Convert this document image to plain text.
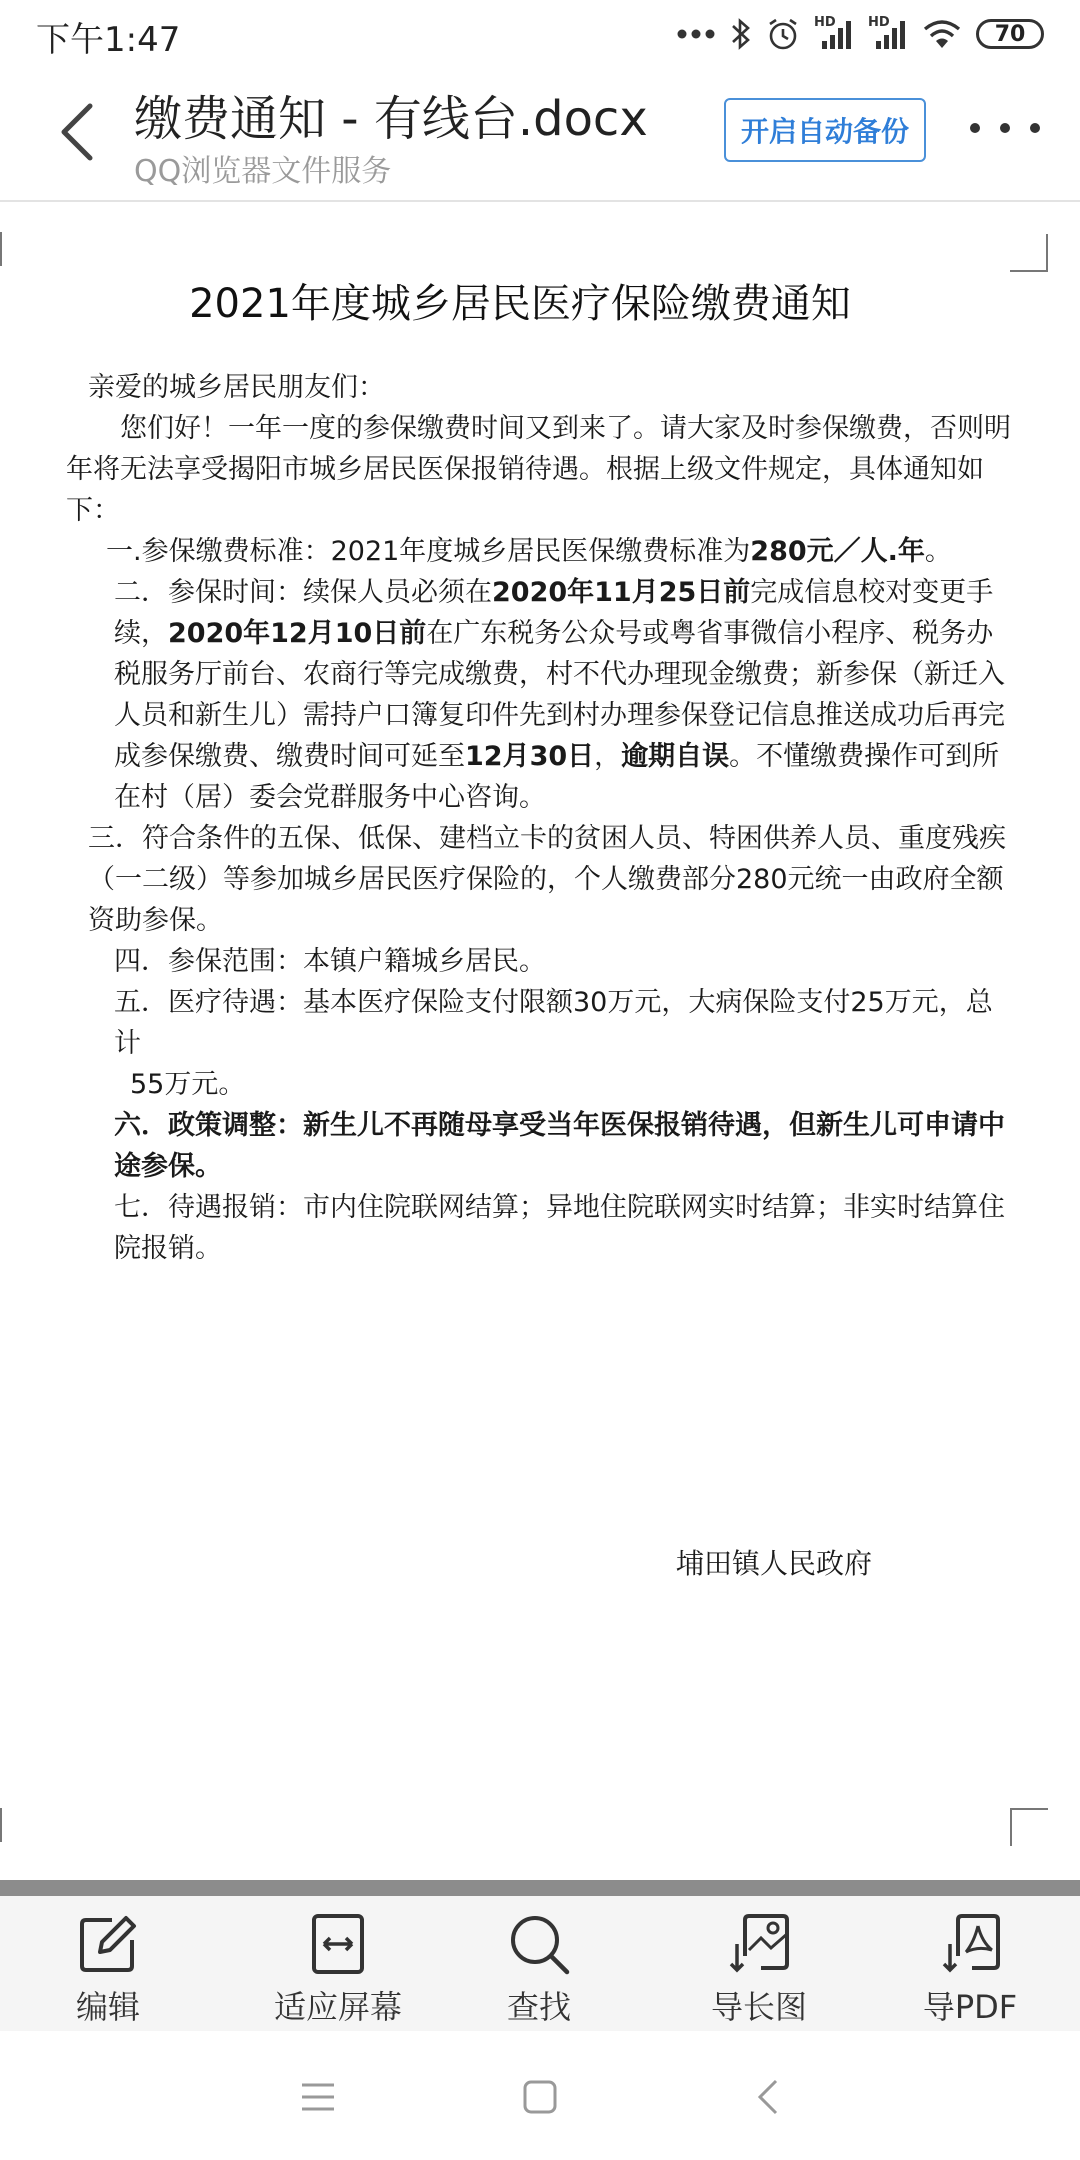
下午1:47	HD HD	70
缴费通知 - 有线台.docx
QQ浏览器文件服务
开启自动备份
2021年度城乡居民医疗保险缴费通知

亲爱的城乡居民朋友们：

您们好！一年一度的参保缴费时间又到来了。请大家及时参保缴费，否则明年将无法享受揭阳市城乡居民医保报销待遇。根据上级文件规定，具体通知如下：

一.参保缴费标准：2021年度城乡居民医保缴费标准为280元／人.年。

二．参保时间：续保人员必须在2020年11月25日前完成信息校对变更手续，2020年12月10日前在广东税务公众号或粤省事微信小程序、税务办税服务厅前台、农商行等完成缴费，村不代办理现金缴费；新参保（新迁入人员和新生儿）需持户口簿复印件先到村办理参保登记信息推送成功后再完成参保缴费、缴费时间可延至12月30日，逾期自误。不懂缴费操作可到所在村（居）委会党群服务中心咨询。

三．符合条件的五保、低保、建档立卡的贫困人员、特困供养人员、重度残疾（一二级）等参加城乡居民医疗保险的，个人缴费部分280元统一由政府全额资助参保。

四．参保范围：本镇户籍城乡居民。

五．医疗待遇：基本医疗保险支付限额30万元，大病保险支付25万元，总计
55万元。

六．政策调整：新生儿不再随母享受当年医保报销待遇，但新生儿可申请中途参保。

七．待遇报销：市内住院联网结算；异地住院联网实时结算；非实时结算住院报销。

埔田镇人民政府
编辑	适应屏幕	查找	导长图	导PDF
